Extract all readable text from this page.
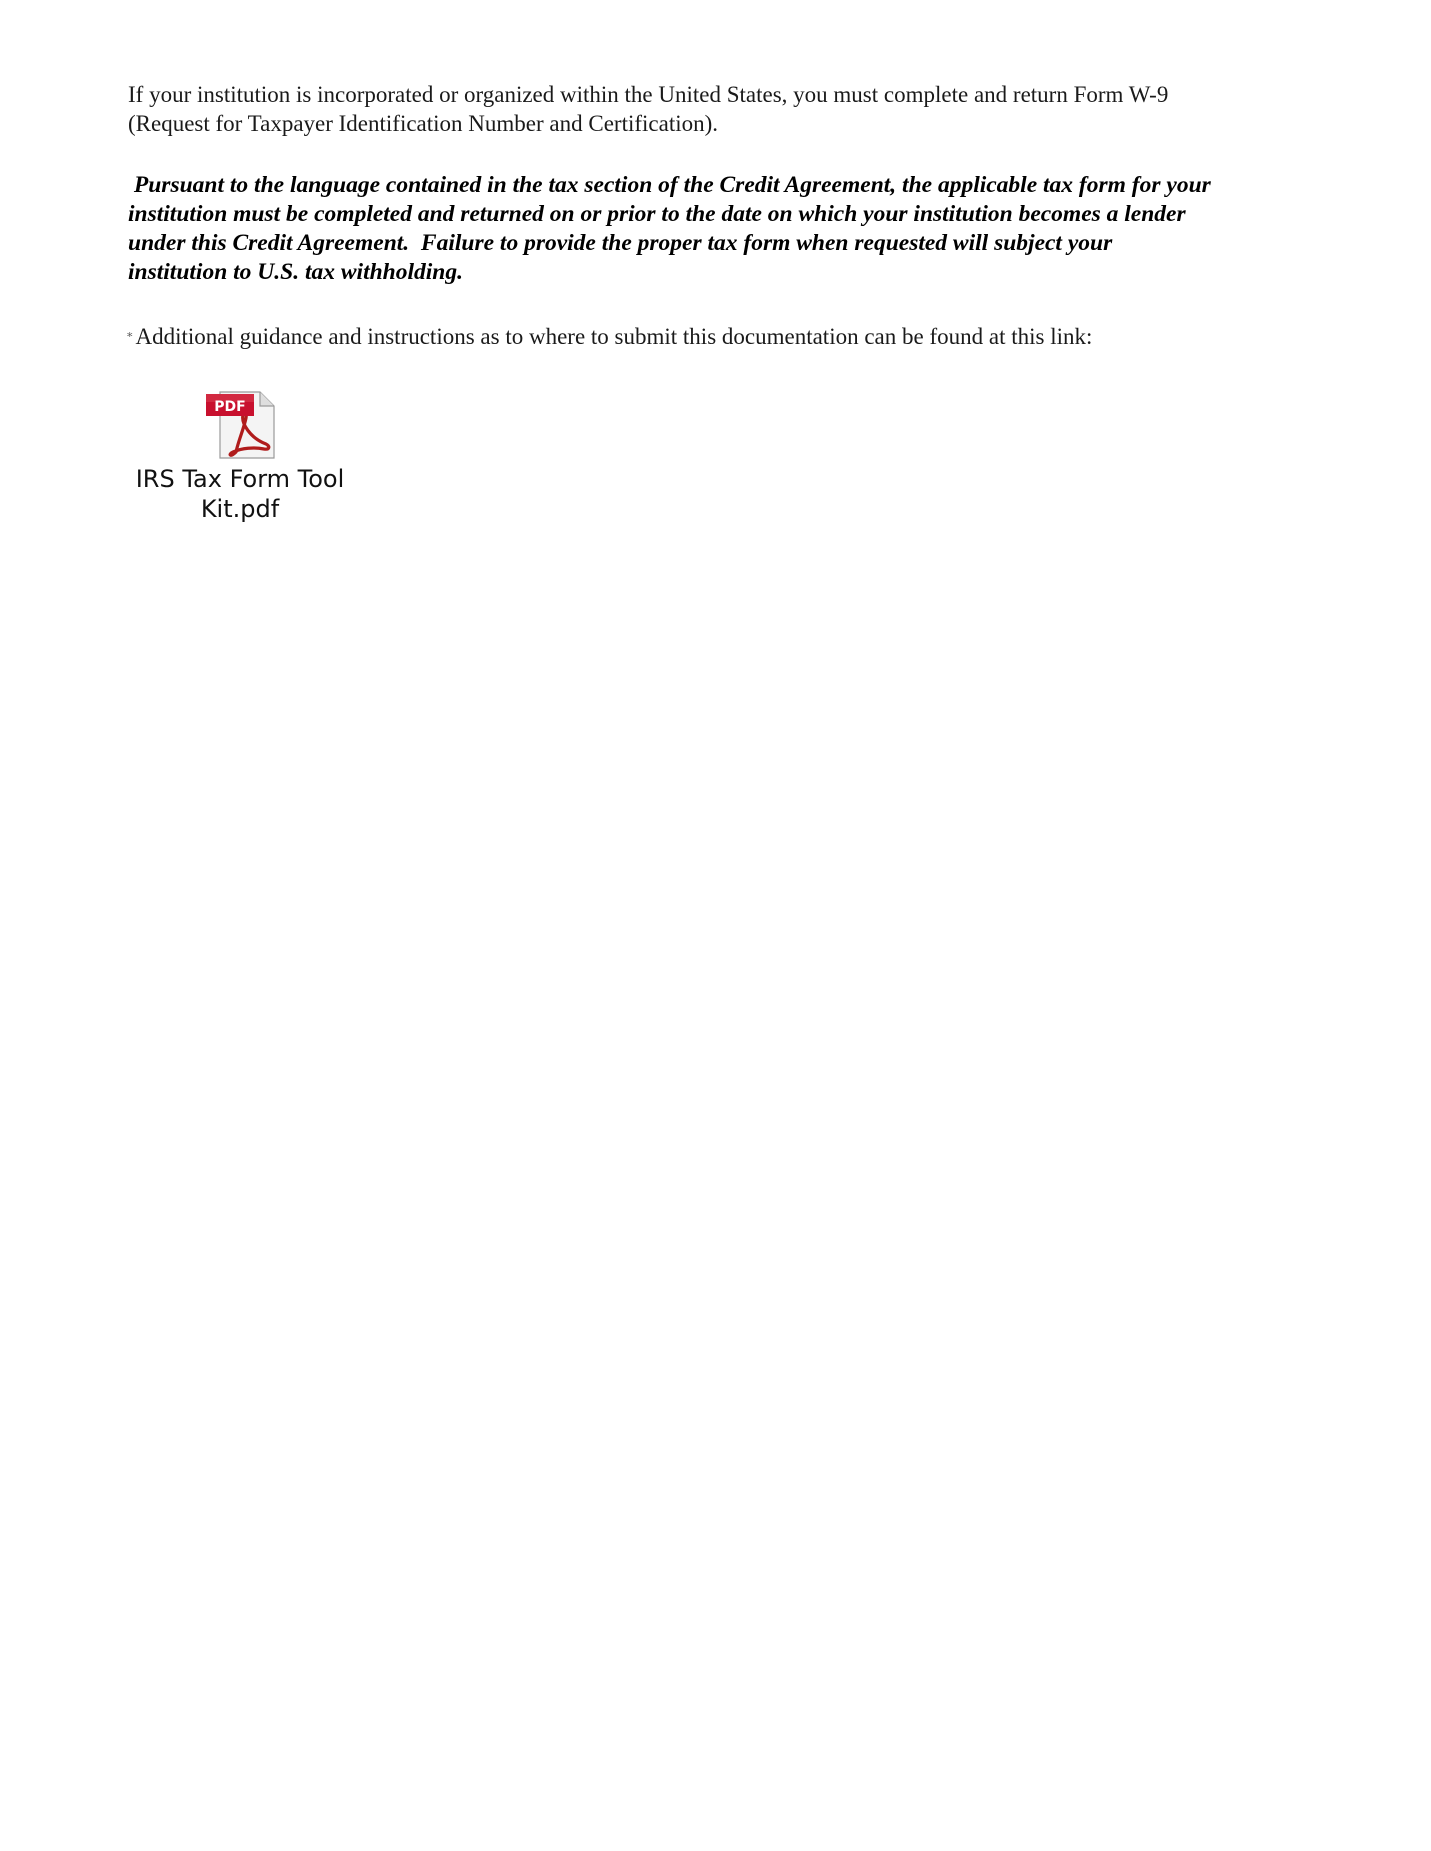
If your institution is incorporated or organized within the United States, you must complete and return Form W-9
(Request for Taxpayer Identification Number and Certification).

Pursuant to the language contained in the tax section of the Credit Agreement, the applicable tax form for your
institution must be completed and returned on or prior to the date on which your institution becomes a lender
under this Credit Agreement.  Failure to provide the proper tax form when requested will subject your
institution to U.S. tax withholding.

∗Additional guidance and instructions as to where to submit this documentation can be found at this link:

PDF
IRS Tax Form Tool
Kit.pdf
